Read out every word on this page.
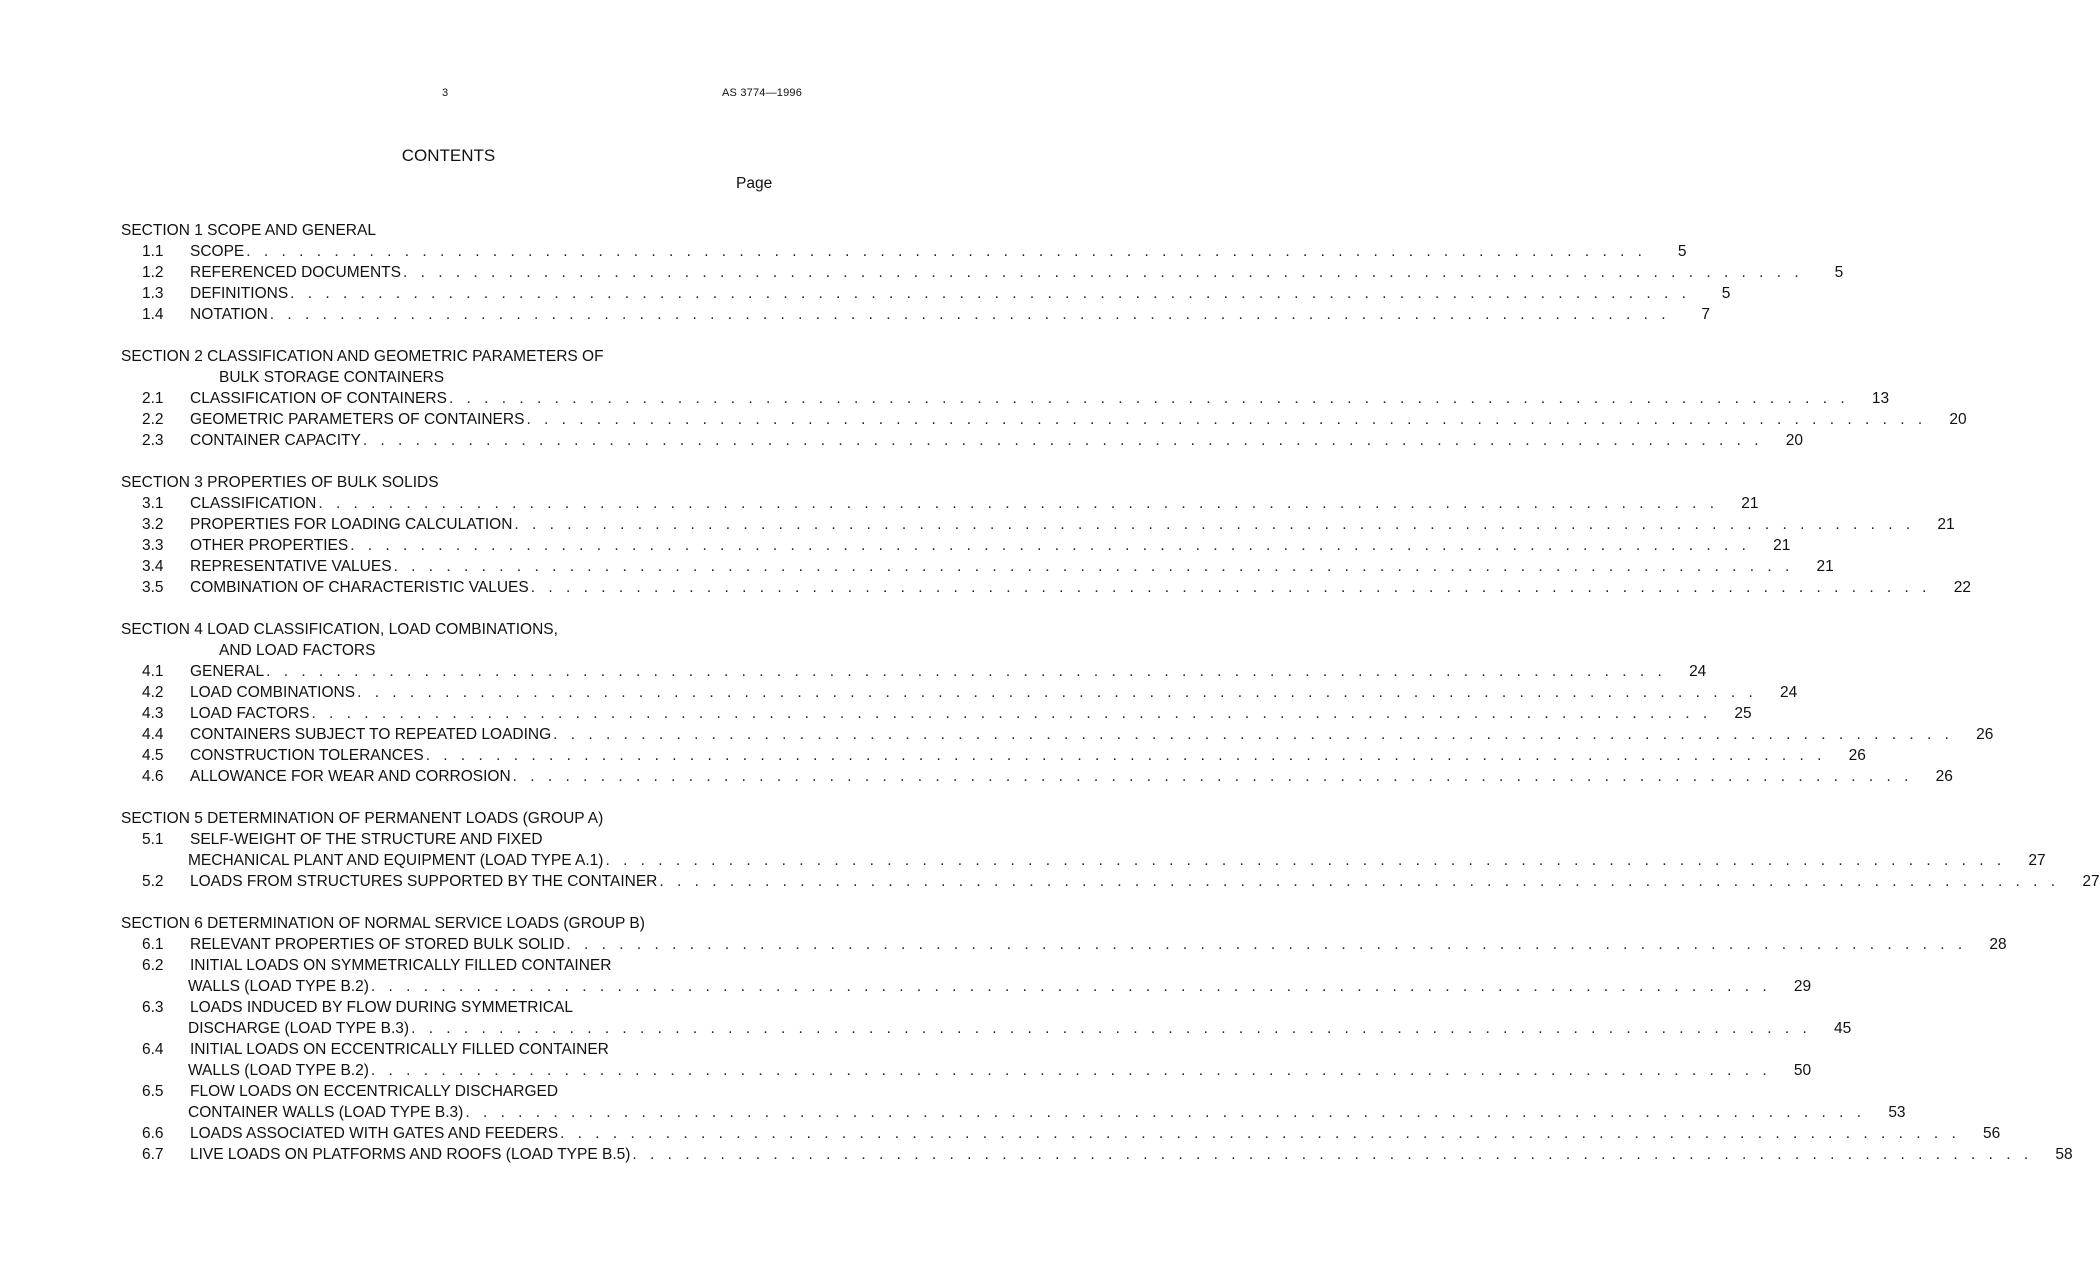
3	AS 3774—1996
CONTENTS
Page
SECTION 1 SCOPE AND GENERAL
1.1	SCOPE . . . . . . . . . . . . . . . . . . . . . . . . . . . . . . . . . . . . . . . . . . . . . . . . . . . . . . . . . . . . . . . . . . . . . . . . . . . . . . . .	5
1.2	REFERENCED DOCUMENTS . . . . . . . . . . . . . . . . . . . . . . . . . . . . . . . . . . . . . . . . . . . . . . . . . . . . . . . . . . . . . . . . . . . . . . . . . . . . . . . .	5
1.3	DEFINITIONS . . . . . . . . . . . . . . . . . . . . . . . . . . . . . . . . . . . . . . . . . . . . . . . . . . . . . . . . . . . . . . . . . . . . . . . . . . . . . . . .	5
1.4	NOTATION . . . . . . . . . . . . . . . . . . . . . . . . . . . . . . . . . . . . . . . . . . . . . . . . . . . . . . . . . . . . . . . . . . . . . . . . . . . . . . . .	7
SECTION 2 CLASSIFICATION AND GEOMETRIC PARAMETERS OF
BULK STORAGE CONTAINERS
2.1	CLASSIFICATION OF CONTAINERS . . . . . . . . . . . . . . . . . . . . . . . . . . . . . . . . . . . . . . . . . . . . . . . . . . . . . . . . . . . . . . . . . . . . . . . . . . . . . . . .	13
2.2	GEOMETRIC PARAMETERS OF CONTAINERS . . . . . . . . . . . . . . . . . . . . . . . . . . . . . . . . . . . . . . . . . . . . . . . . . . . . . . . . . . . . . . . . . . . . . . . . . . . . . . . .	20
2.3	CONTAINER CAPACITY . . . . . . . . . . . . . . . . . . . . . . . . . . . . . . . . . . . . . . . . . . . . . . . . . . . . . . . . . . . . . . . . . . . . . . . . . . . . . . . .	20
SECTION 3 PROPERTIES OF BULK SOLIDS
3.1	CLASSIFICATION . . . . . . . . . . . . . . . . . . . . . . . . . . . . . . . . . . . . . . . . . . . . . . . . . . . . . . . . . . . . . . . . . . . . . . . . . . . . . . . .	21
3.2	PROPERTIES FOR LOADING CALCULATION . . . . . . . . . . . . . . . . . . . . . . . . . . . . . . . . . . . . . . . . . . . . . . . . . . . . . . . . . . . . . . . . . . . . . . . . . . . . . . . .	21
3.3	OTHER PROPERTIES . . . . . . . . . . . . . . . . . . . . . . . . . . . . . . . . . . . . . . . . . . . . . . . . . . . . . . . . . . . . . . . . . . . . . . . . . . . . . . . .	21
3.4	REPRESENTATIVE VALUES . . . . . . . . . . . . . . . . . . . . . . . . . . . . . . . . . . . . . . . . . . . . . . . . . . . . . . . . . . . . . . . . . . . . . . . . . . . . . . . .	21
3.5	COMBINATION OF CHARACTERISTIC VALUES . . . . . . . . . . . . . . . . . . . . . . . . . . . . . . . . . . . . . . . . . . . . . . . . . . . . . . . . . . . . . . . . . . . . . . . . . . . . . . . .	22
SECTION 4 LOAD CLASSIFICATION, LOAD COMBINATIONS,
AND LOAD FACTORS
4.1	GENERAL . . . . . . . . . . . . . . . . . . . . . . . . . . . . . . . . . . . . . . . . . . . . . . . . . . . . . . . . . . . . . . . . . . . . . . . . . . . . . . . .	24
4.2	LOAD COMBINATIONS . . . . . . . . . . . . . . . . . . . . . . . . . . . . . . . . . . . . . . . . . . . . . . . . . . . . . . . . . . . . . . . . . . . . . . . . . . . . . . . .	24
4.3	LOAD FACTORS . . . . . . . . . . . . . . . . . . . . . . . . . . . . . . . . . . . . . . . . . . . . . . . . . . . . . . . . . . . . . . . . . . . . . . . . . . . . . . . .	25
4.4	CONTAINERS SUBJECT TO REPEATED LOADING . . . . . . . . . . . . . . . . . . . . . . . . . . . . . . . . . . . . . . . . . . . . . . . . . . . . . . . . . . . . . . . . . . . . . . . . . . . . . . . .	26
4.5	CONSTRUCTION TOLERANCES . . . . . . . . . . . . . . . . . . . . . . . . . . . . . . . . . . . . . . . . . . . . . . . . . . . . . . . . . . . . . . . . . . . . . . . . . . . . . . . .	26
4.6	ALLOWANCE FOR WEAR AND CORROSION . . . . . . . . . . . . . . . . . . . . . . . . . . . . . . . . . . . . . . . . . . . . . . . . . . . . . . . . . . . . . . . . . . . . . . . . . . . . . . . .	26
SECTION 5 DETERMINATION OF PERMANENT LOADS (GROUP A)
5.1	SELF-WEIGHT OF THE STRUCTURE AND FIXED
MECHANICAL PLANT AND EQUIPMENT (LOAD TYPE A.1) . . . . . . . . . . . . . . . . . . . . . . . . . . . . . . . . . . . . . . . . . . . . . . . . . . . . . . . . . . . . . . . . . . . . . . . . . . . . . . . .	27
5.2	LOADS FROM STRUCTURES SUPPORTED BY THE CONTAINER . . . . . . . . . . . . . . . . . . . . . . . . . . . . . . . . . . . . . . . . . . . . . . . . . . . . . . . . . . . . . . . . . . . . . . . . . . . . . . . .	27
SECTION 6 DETERMINATION OF NORMAL SERVICE LOADS (GROUP B)
6.1	RELEVANT PROPERTIES OF STORED BULK SOLID . . . . . . . . . . . . . . . . . . . . . . . . . . . . . . . . . . . . . . . . . . . . . . . . . . . . . . . . . . . . . . . . . . . . . . . . . . . . . . . .	28
6.2	INITIAL LOADS ON SYMMETRICALLY FILLED CONTAINER
WALLS (LOAD TYPE B.2) . . . . . . . . . . . . . . . . . . . . . . . . . . . . . . . . . . . . . . . . . . . . . . . . . . . . . . . . . . . . . . . . . . . . . . . . . . . . . . . .	29
6.3	LOADS INDUCED BY FLOW DURING SYMMETRICAL
DISCHARGE (LOAD TYPE B.3) . . . . . . . . . . . . . . . . . . . . . . . . . . . . . . . . . . . . . . . . . . . . . . . . . . . . . . . . . . . . . . . . . . . . . . . . . . . . . . . .	45
6.4	INITIAL LOADS ON ECCENTRICALLY FILLED CONTAINER
WALLS (LOAD TYPE B.2) . . . . . . . . . . . . . . . . . . . . . . . . . . . . . . . . . . . . . . . . . . . . . . . . . . . . . . . . . . . . . . . . . . . . . . . . . . . . . . . .	50
6.5	FLOW LOADS ON ECCENTRICALLY DISCHARGED
CONTAINER WALLS (LOAD TYPE B.3) . . . . . . . . . . . . . . . . . . . . . . . . . . . . . . . . . . . . . . . . . . . . . . . . . . . . . . . . . . . . . . . . . . . . . . . . . . . . . . . .	53
6.6	LOADS ASSOCIATED WITH GATES AND FEEDERS . . . . . . . . . . . . . . . . . . . . . . . . . . . . . . . . . . . . . . . . . . . . . . . . . . . . . . . . . . . . . . . . . . . . . . . . . . . . . . . .	56
6.7	LIVE LOADS ON PLATFORMS AND ROOFS (LOAD TYPE B.5) . . . . . . . . . . . . . . . . . . . . . . . . . . . . . . . . . . . . . . . . . . . . . . . . . . . . . . . . . . . . . . . . . . . . . . . . . . . . . . . .	58
